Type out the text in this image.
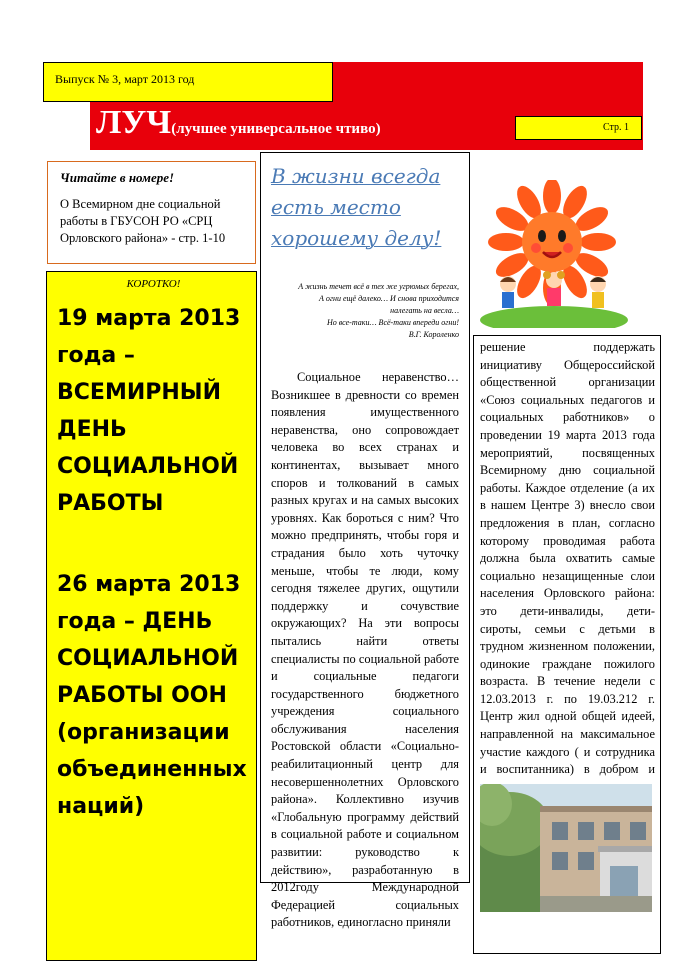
Выпуск № 3, март 2013 год
ЛУЧ(лучшее универсальное чтиво)	Стр. 1
Читайте в номере!
О Всемирном дне социальной работы в ГБУСОН РО «СРЦ Орловского района» - стр. 1-10
КОРОТКО!
19 марта 2013
года –
ВСЕМИРНЫЙ
ДЕНЬ
СОЦИАЛЬНОЙ
РАБОТЫ
26 марта 2013
года – ДЕНЬ
СОЦИАЛЬНОЙ
РАБОТЫ ООН
(организации
объединенных
наций)
В жизни всегда есть место хорошему делу!
А жизнь течет всё в тех же угрюмых берегах,
А огни ещё далеко… И снова приходится
налегать на весла…
Но все-таки… Всё-таки впереди огни!
В.Г. Короленко
Социальное неравенство… Возникшее в древности со времен появления имущественного неравенства, оно сопровождает человека во всех странах и континентах, вызывает много споров и толкований в самых разных кругах и на самых высоких уровнях. Как бороться с ним? Что можно предпринять, чтобы горя и страдания было хоть чуточку меньше, чтобы те люди, кому сегодня тяжелее других, ощутили поддержку и сочувствие окружающих? На эти вопросы пытались найти ответы специалисты по социальной работе и социальные педагоги государственного бюджетного учреждения социального обслуживания населения Ростовской области «Социально-реабилитационный центр для несовершеннолетних Орловского района». Коллективно изучив «Глобальную программу действий в социальной работе и социальном развитии: руководство к действию», разработанную в 2012году Международной Федерацией социальных работников, единогласно приняли
решение поддержать инициативу Общероссийской общественной организации «Союз социальных педагогов и социальных работников» о проведении 19 марта 2013 года мероприятий, посвященных Всемирному дню социальной работы. Каждое отделение (а их в нашем Центре 3) внесло свои предложения в план, согласно которому проводимая работа должна была охватить самые социально незащищенные слои населения Орловского района: это дети-инвалиды, дети-сироты, семьи с детьми в трудном жизненном положении, одинокие граждане пожилого возраста. В течение недели с 12.03.2013 г. по 19.03.212 г. Центр жил одной общей идеей, направленной на максимальное участие каждого ( и сотрудника и воспитанника) в добром и
